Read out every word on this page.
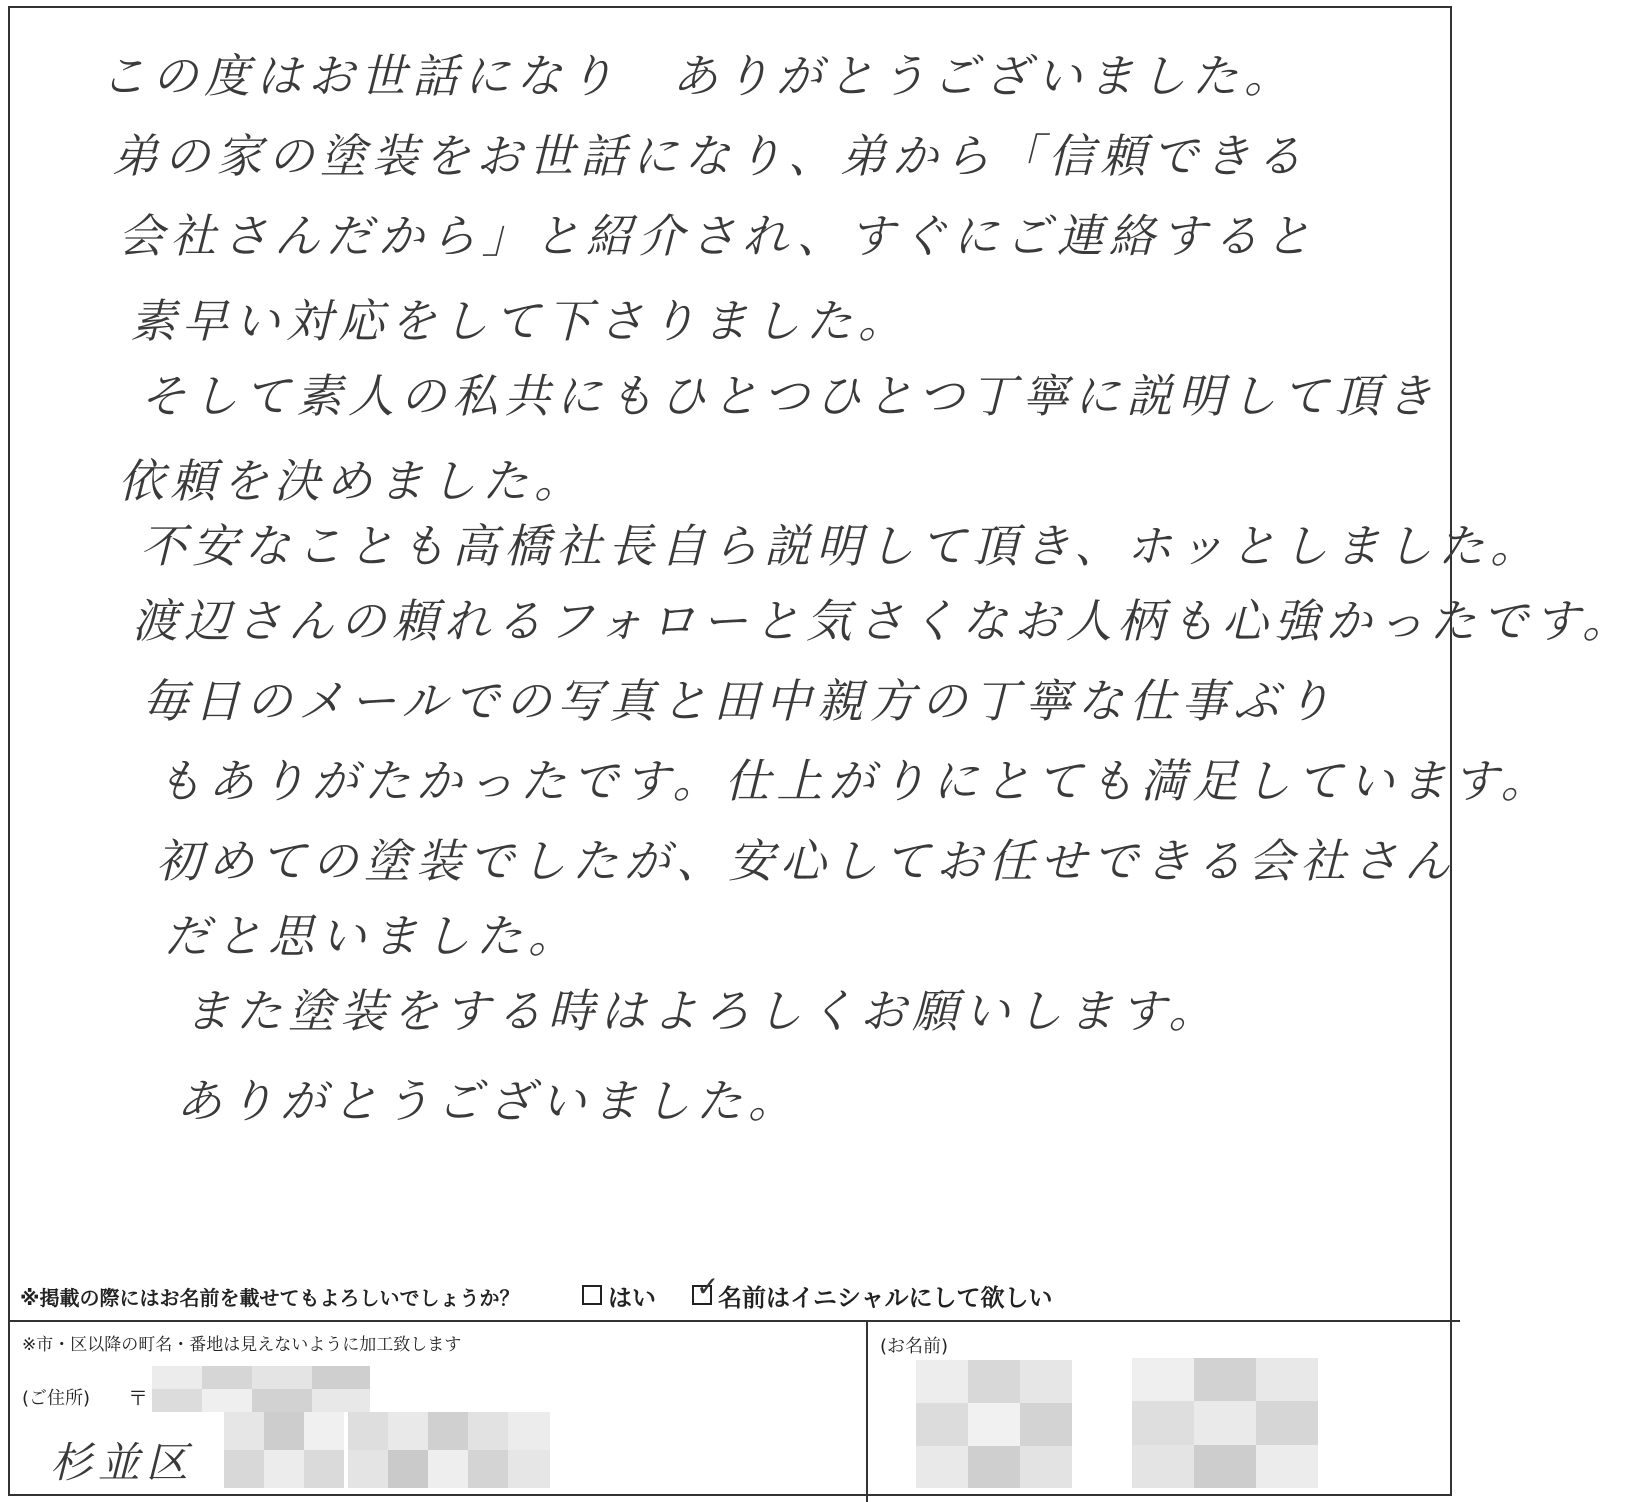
この度はお世話になり　ありがとうございました。
弟の家の塗装をお世話になり、弟から「信頼できる
会社さんだから」と紹介され、すぐにご連絡すると
素早い対応をして下さりました。
そして素人の私共にもひとつひとつ丁寧に説明して頂き
依頼を決めました。
不安なことも高橋社長自ら説明して頂き、ホッとしました。
渡辺さんの頼れるフォローと気さくなお人柄も心強かったです。
毎日のメールでの写真と田中親方の丁寧な仕事ぶり
もありがたかったです。仕上がりにとても満足しています。
初めての塗装でしたが、安心してお任せできる会社さん
だと思いました。
また塗装をする時はよろしくお願いします。
ありがとうございました。
※掲載の際にはお名前を載せてもよろしいでしょうか？	はい ✓
名前はイニシャルにして欲しい
※市・区以降の町名・番地は見えないように加工致します
(ご住所) 〒
杉並区
(お名前)
